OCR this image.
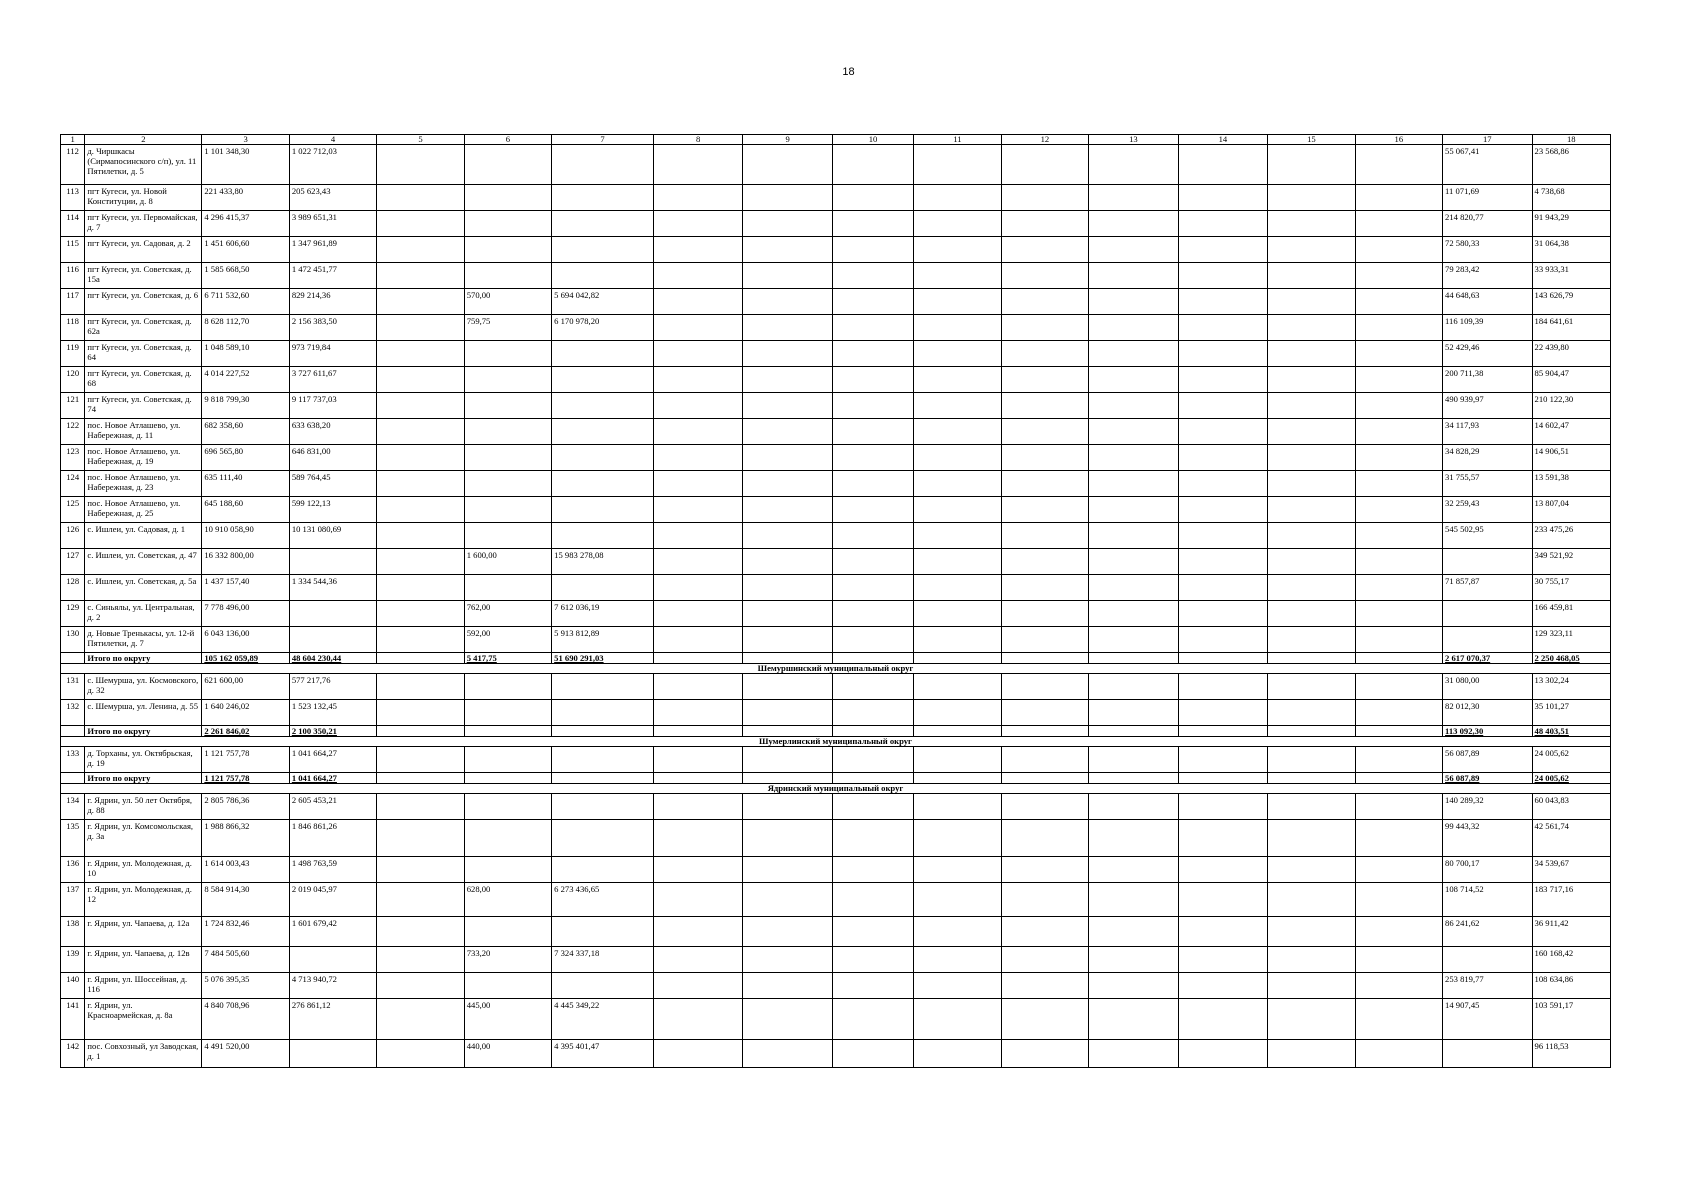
18
1	2	3	4	5	6	7	8	9	10	11	12	13	14	15	16	17	18
112	д. Чиршкасы (Сирмапосинского с/п), ул. 11 Пятилетки, д. 5	1 101 348,30	1 022 712,03													55 067,41	23 568,86
113	пгт Кугеси, ул. Новой Конституции, д. 8	221 433,80	205 623,43													11 071,69	4 738,68
114	пгт Кугеси, ул. Первомайская, д. 7	4 296 415,37	3 989 651,31													214 820,77	91 943,29
115	пгт Кугеси, ул. Садовая, д. 2	1 451 606,60	1 347 961,89													72 580,33	31 064,38
116	пгт Кугеси, ул. Советская, д. 15а	1 585 668,50	1 472 451,77													79 283,42	33 933,31
117	пгт Кугеси, ул. Советская, д. 6	6 711 532,60	829 214,36		570,00	5 694 042,82										44 648,63	143 626,79
118	пгт Кугеси, ул. Советская, д. 62а	8 628 112,70	2 156 383,50		759,75	6 170 978,20										116 109,39	184 641,61
119	пгт Кугеси, ул. Советская, д. 64	1 048 589,10	973 719,84													52 429,46	22 439,80
120	пгт Кугеси, ул. Советская, д. 68	4 014 227,52	3 727 611,67													200 711,38	85 904,47
121	пгт Кугеси, ул. Советская, д. 74	9 818 799,30	9 117 737,03													490 939,97	210 122,30
122	пос. Новое Атлашево, ул. Набережная, д. 11	682 358,60	633 638,20													34 117,93	14 602,47
123	пос. Новое Атлашево, ул. Набережная, д. 19	696 565,80	646 831,00													34 828,29	14 906,51
124	пос. Новое Атлашево, ул. Набережная, д. 23	635 111,40	589 764,45													31 755,57	13 591,38
125	пос. Новое Атлашево, ул. Набережная, д. 25	645 188,60	599 122,13													32 259,43	13 807,04
126	с. Ишлеи, ул. Садовая, д. 1	10 910 058,90	10 131 080,69													545 502,95	233 475,26
127	с. Ишлеи, ул. Советская, д. 47	16 332 800,00			1 600,00	15 983 278,08											349 521,92
128	с. Ишлеи, ул. Советская, д. 5а	1 437 157,40	1 334 544,36													71 857,87	30 755,17
129	с. Синьялы, ул. Центральная, д. 2	7 778 496,00			762,00	7 612 036,19											166 459,81
130	д. Новые Тренькасы, ул. 12-й Пятилетки, д. 7	6 043 136,00			592,00	5 913 812,89											129 323,11
	Итого по округу	105 162 059,89	48 604 230,44		5 417,75	51 690 291,03										2 617 070,37	2 250 468,05
Шемуршинский муниципальный округ																	
131	с. Шемурша, ул. Космовского, д. 32	621 600,00	577 217,76													31 080,00	13 302,24
132	с. Шемурша, ул. Ленина, д. 55	1 640 246,02	1 523 132,45													82 012,30	35 101,27
	Итого по округу	2 261 846,02	2 100 350,21													113 092,30	48 403,51
Шумерлинский муниципальный округ																	
133	д. Торханы, ул. Октябрьская, д. 19	1 121 757,78	1 041 664,27													56 087,89	24 005,62
	Итого по округу	1 121 757,78	1 041 664,27													56 087,89	24 005,62
Ядринский муниципальный округ																	
134	г. Ядрин, ул. 50 лет Октября, д. 88	2 805 786,36	2 605 453,21													140 289,32	60 043,83
135	г. Ядрин, ул. Комсомольская, д. 3а	1 988 866,32	1 846 861,26													99 443,32	42 561,74
136	г. Ядрин, ул. Молодежная, д. 10	1 614 003,43	1 498 763,59													80 700,17	34 539,67
137	г. Ядрин, ул. Молодежная, д. 12	8 584 914,30	2 019 045,97		628,00	6 273 436,65										108 714,52	183 717,16
138	г. Ядрин, ул. Чапаева, д. 12а	1 724 832,46	1 601 679,42													86 241,62	36 911,42
139	г. Ядрин, ул. Чапаева, д. 12в	7 484 505,60			733,20	7 324 337,18											160 168,42
140	г. Ядрин, ул. Шоссейная, д. 116	5 076 395,35	4 713 940,72													253 819,77	108 634,86
141	г. Ядрин, ул. Красноармейская, д. 8а	4 840 708,96	276 861,12		445,00	4 445 349,22										14 907,45	103 591,17
142	пос. Совхозный, ул Заводская, д. 1	4 491 520,00			440,00	4 395 401,47											96 118,53
